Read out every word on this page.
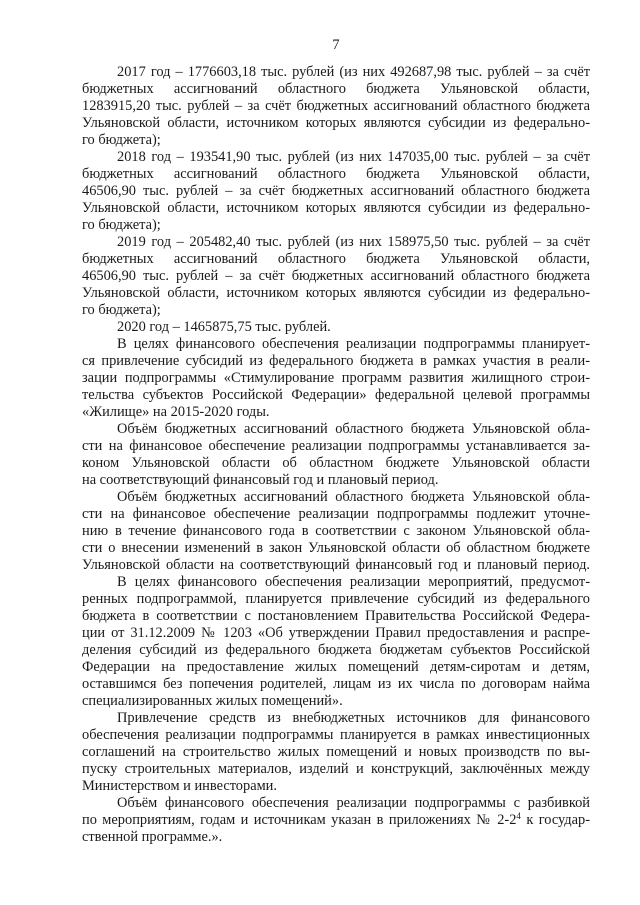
7
2017 год – 1776603,18 тыс. рублей (из них 492687,98 тыс. рублей – за счёт
бюджетных ассигнований областного бюджета Ульяновской области,
1283915,20 тыс. рублей – за счёт бюджетных ассигнований областного бюджета
Ульяновской области, источником которых являются субсидии из федерально-
го бюджета);
2018 год – 193541,90 тыс. рублей (из них 147035,00 тыс. рублей – за счёт
бюджетных ассигнований областного бюджета Ульяновской области,
46506,90 тыс. рублей – за счёт бюджетных ассигнований областного бюджета
Ульяновской области, источником которых являются субсидии из федерально-
го бюджета);
2019 год – 205482,40 тыс. рублей (из них 158975,50 тыс. рублей – за счёт
бюджетных ассигнований областного бюджета Ульяновской области,
46506,90 тыс. рублей – за счёт бюджетных ассигнований областного бюджета
Ульяновской области, источником которых являются субсидии из федерально-
го бюджета);
2020 год – 1465875,75 тыс. рублей.
В целях финансового обеспечения реализации подпрограммы планирует-
ся привлечение субсидий из федерального бюджета в рамках участия в реали-
зации подпрограммы «Стимулирование программ развития жилищного строи-
тельства субъектов Российской Федерации» федеральной целевой программы
«Жилище» на 2015-2020 годы.
Объём бюджетных ассигнований областного бюджета Ульяновской обла-
сти на финансовое обеспечение реализации подпрограммы устанавливается за-
коном Ульяновской области об областном бюджете Ульяновской области
на соответствующий финансовый год и плановый период.
Объём бюджетных ассигнований областного бюджета Ульяновской обла-
сти на финансовое обеспечение реализации подпрограммы подлежит уточне-
нию в течение финансового года в соответствии с законом Ульяновской обла-
сти о внесении изменений в закон Ульяновской области об областном бюджете
Ульяновской области на соответствующий финансовый год и плановый период.
В целях финансового обеспечения реализации мероприятий, предусмот-
ренных подпрограммой, планируется привлечение субсидий из федерального
бюджета в соответствии с постановлением Правительства Российской Федера-
ции от 31.12.2009 № 1203 «Об утверждении Правил предоставления и распре-
деления субсидий из федерального бюджета бюджетам субъектов Российской
Федерации на предоставление жилых помещений детям-сиротам и детям,
оставшимся без попечения родителей, лицам из их числа по договорам найма
специализированных жилых помещений».
Привлечение средств из внебюджетных источников для финансового
обеспечения реализации подпрограммы планируется в рамках инвестиционных
соглашений на строительство жилых помещений и новых производств по вы-
пуску строительных материалов, изделий и конструкций, заключённых между
Министерством и инвесторами.
Объём финансового обеспечения реализации подпрограммы с разбивкой
по мероприятиям, годам и источникам указан в приложениях № $2-2^4$ к государ-
ственной программе.».
